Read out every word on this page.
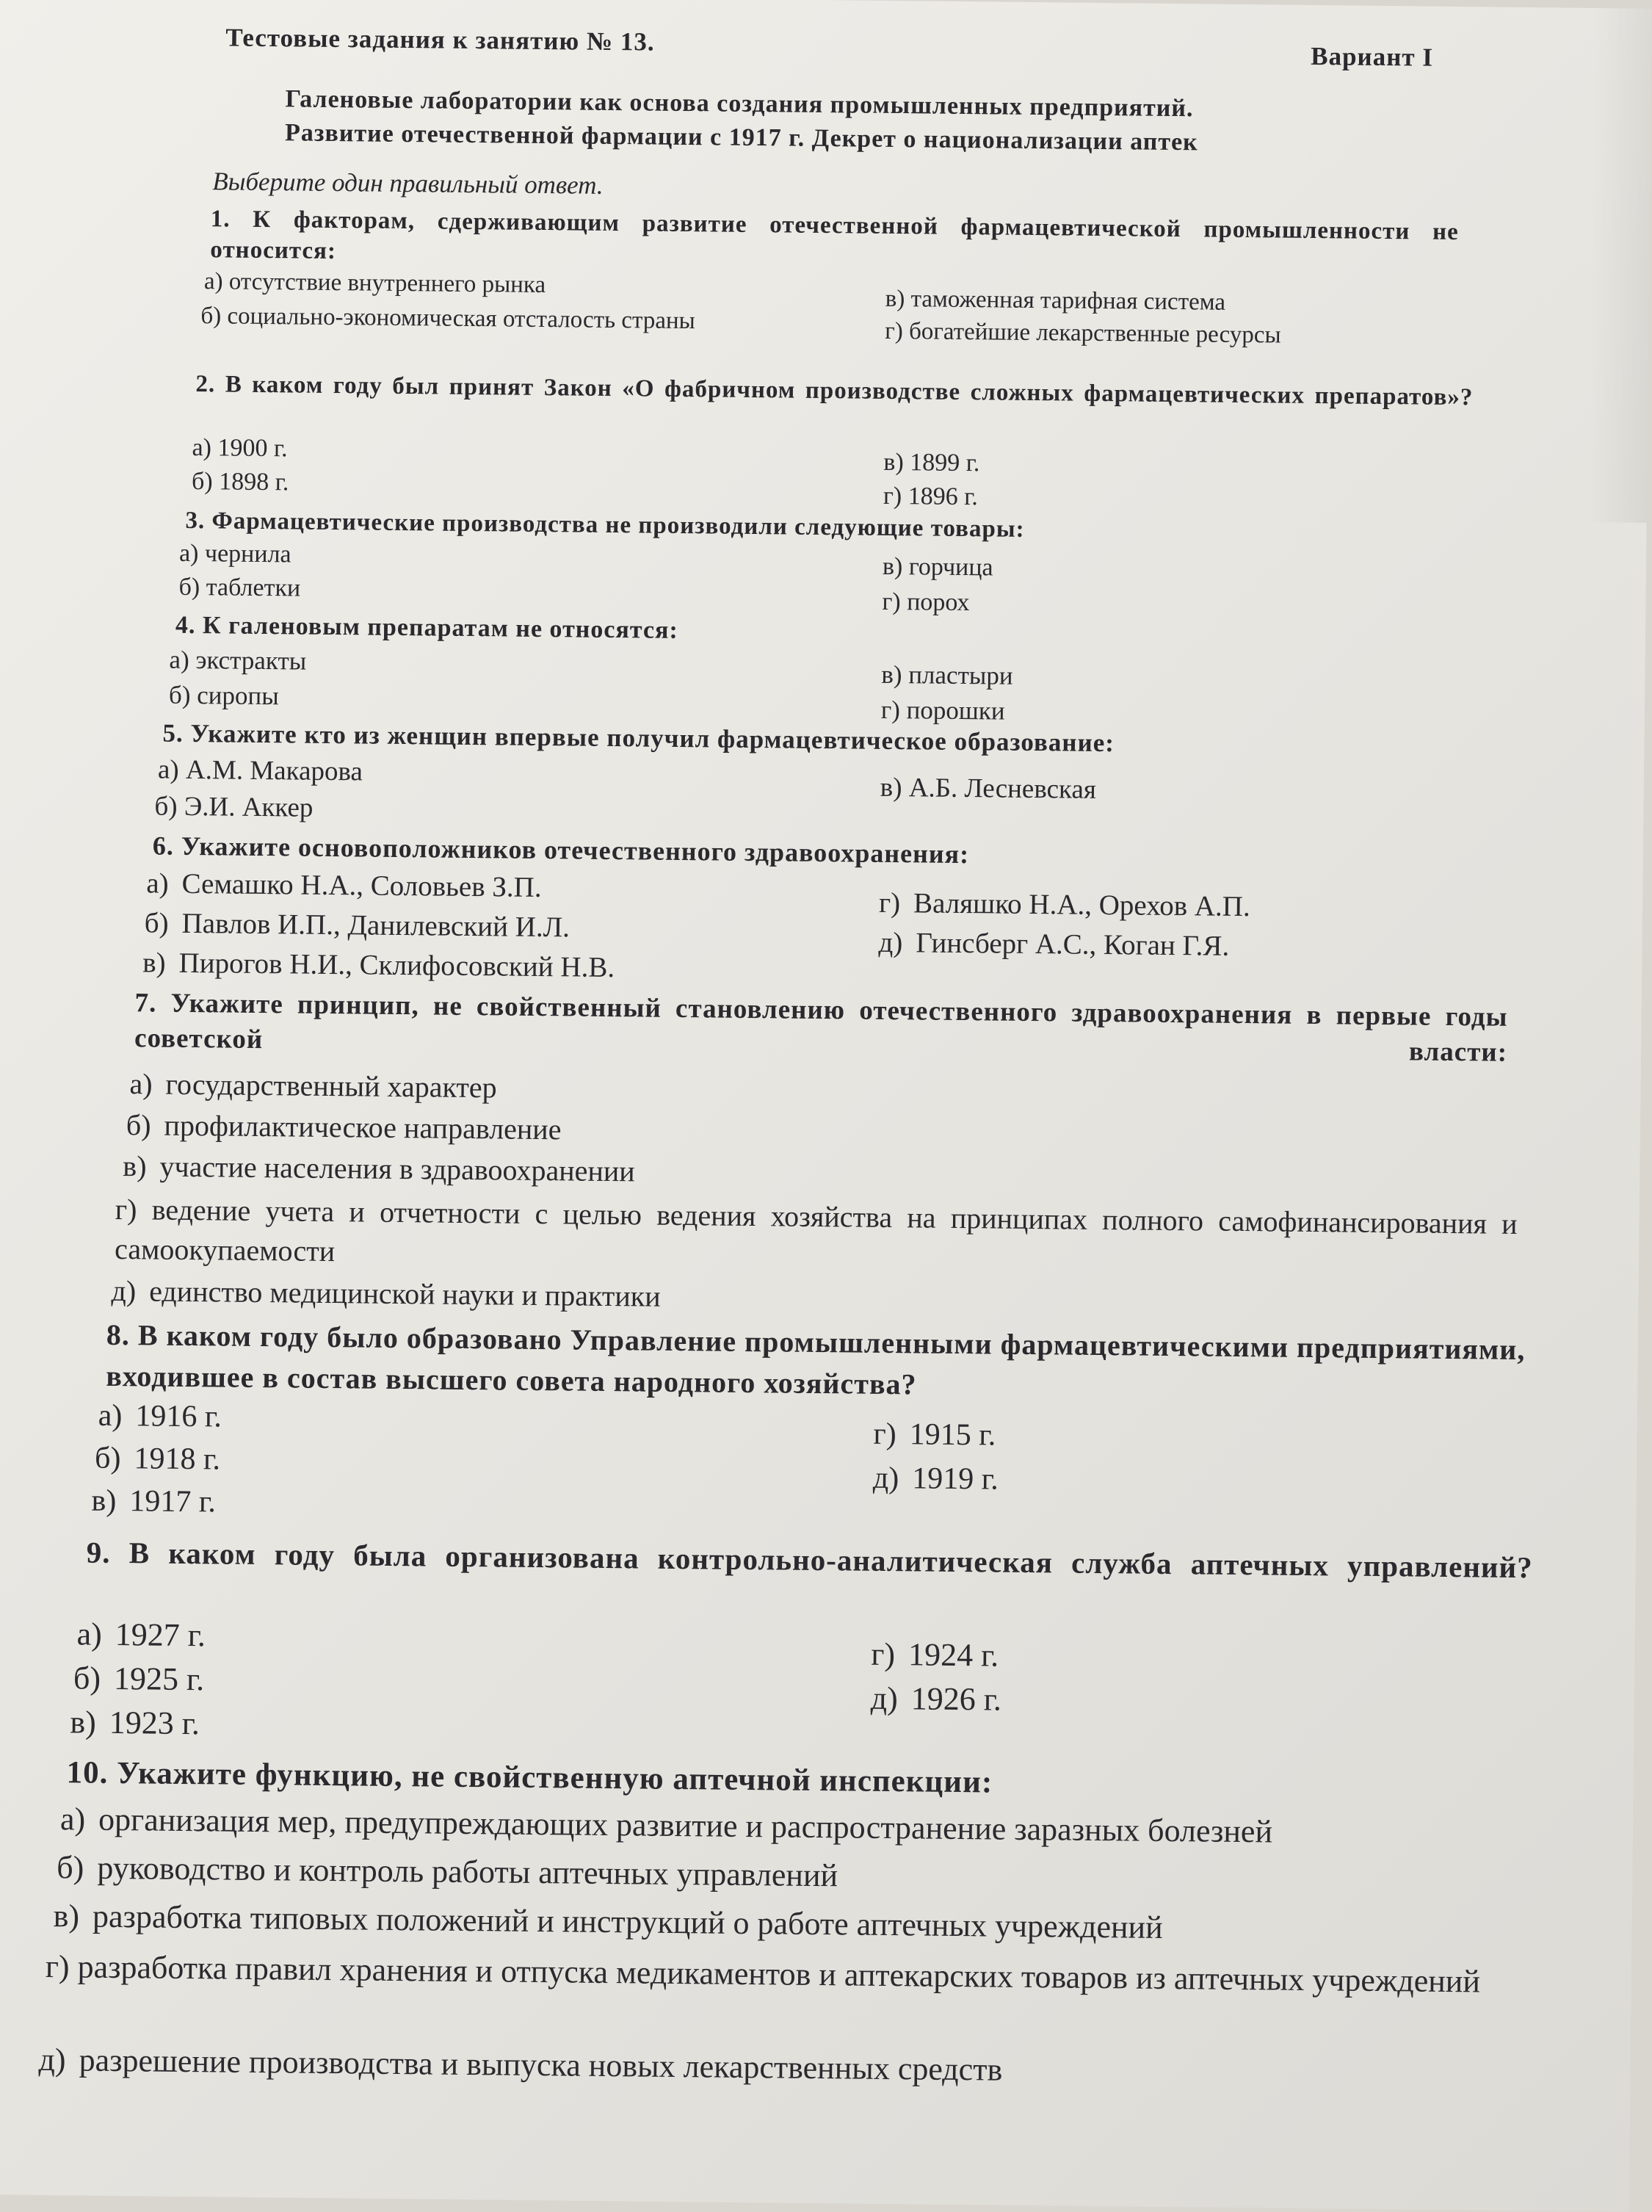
Тестовые задания к занятию № 13.
Вариант I
Галеновые лаборатории как основа создания промышленных предприятий.
Развитие отечественной фармации с 1917 г. Декрет о национализации аптек
Выберите один правильный ответ.
1. К факторам, сдерживающим развитие отечественной фармацевтической промышленности не относится:
а) отсутствие внутреннего рынка
б) социально-экономическая отсталость страны
в) таможенная тарифная система
г) богатейшие лекарственные ресурсы
2. В каком году был принят Закон «О фабричном производстве сложных фармацевтических препаратов»?
а) 1900 г.
б) 1898 г.
в) 1899 г.
г) 1896 г.
3. Фармацевтические производства не производили следующие товары:
а) чернила
б) таблетки
в) горчица
г) порох
4. К галеновым препаратам не относятся:
а) экстракты
б) сиропы
в) пластыри
г) порошки
5. Укажите кто из женщин впервые получил фармацевтическое образование:
а) А.М. Макарова
б) Э.И. Аккер
в) А.Б. Лесневская
6. Укажите основоположников отечественного здравоохранения:
а) Семашко Н.А., Соловьев З.П.
б) Павлов И.П., Данилевский И.Л.
в) Пирогов Н.И., Склифосовский Н.В.
г) Валяшко Н.А., Орехов А.П.
д) Гинсберг А.С., Коган Г.Я.
7. Укажите принцип, не свойственный становлению отечественного здравоохранения в первые годы советской власти:
а) государственный характер
б) профилактическое направление
в) участие населения в здравоохранении
г) ведение учета и отчетности с целью ведения хозяйства на принципах полного самофинансирования и самоокупаемости
д) единство медицинской науки и практики
8. В каком году было образовано Управление промышленными фармацевтическими предприятиями, входившее в состав высшего совета народного хозяйства?
а) 1916 г.
б) 1918 г.
в) 1917 г.
г) 1915 г.
д) 1919 г.
9. В каком году была организована контрольно-аналитическая служба аптечных управлений?
а) 1927 г.
б) 1925 г.
в) 1923 г.
г) 1924 г.
д) 1926 г.
10. Укажите функцию, не свойственную аптечной инспекции:
а) организация мер, предупреждающих развитие и распространение заразных болезней
б) руководство и контроль работы аптечных управлений
в) разработка типовых положений и инструкций о работе аптечных учреждений
г) разработка правил хранения и отпуска медикаментов и аптекарских товаров из аптечных учреждений
д) разрешение производства и выпуска новых лекарственных средств
